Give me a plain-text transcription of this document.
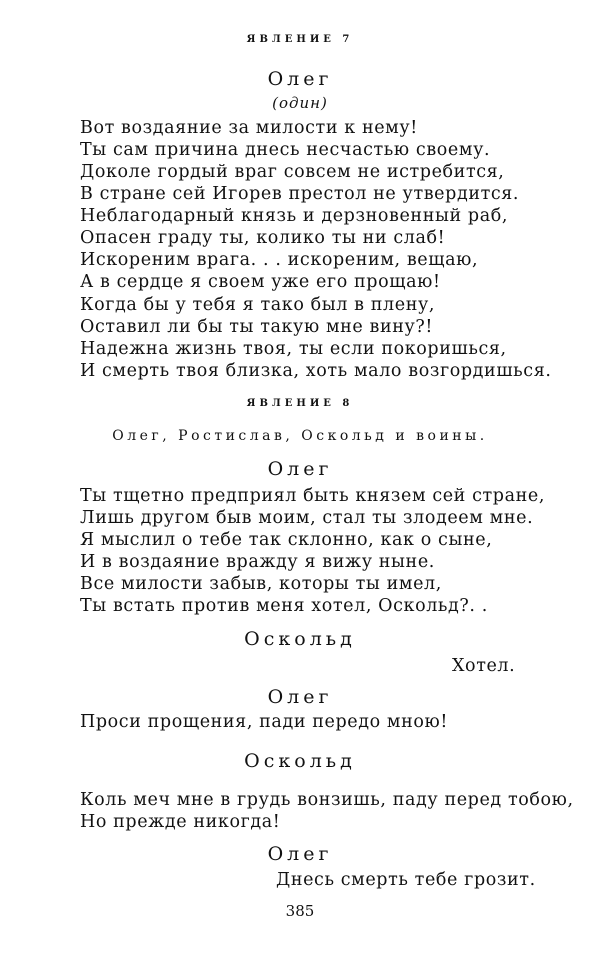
ЯВЛЕНИЕ 7
Олег
(один)
Вот воздаяние за милости к нему!
Ты сам причина днесь несчастью своему.
Доколе гордый враг совсем не истребится,
В стране сей Игорев престол не утвердится.
Неблагодарный князь и дерзновенный раб,
Опасен граду ты, колико ты ни слаб!
Искореним врага. . . искореним, вещаю,
А в сердце я своем уже его прощаю!
Когда бы у тебя я тако был в плену,
Оставил ли бы ты такую мне вину?!
Надежна жизнь твоя, ты если покоришься,
И смерть твоя близка, хоть мало возгордишься.
ЯВЛЕНИЕ 8
Олег, Ростислав, Оскольд и воины.
Олег
Ты тщетно предприял быть князем сей стране,
Лишь другом быв моим, стал ты злодеем мне.
Я мыслил о тебе так склонно, как о сыне,
И в воздаяние вражду я вижу ныне.
Все милости забыв, которы ты имел,
Ты встать против меня хотел, Оскольд?. .
Оскольд
Хотел.
Олег
Проси прощения, пади передо мною!
Оскольд
Коль меч мне в грудь вонзишь, паду перед тобою,
Но прежде никогда!
Олег
Днесь смерть тебе грозит.
385
